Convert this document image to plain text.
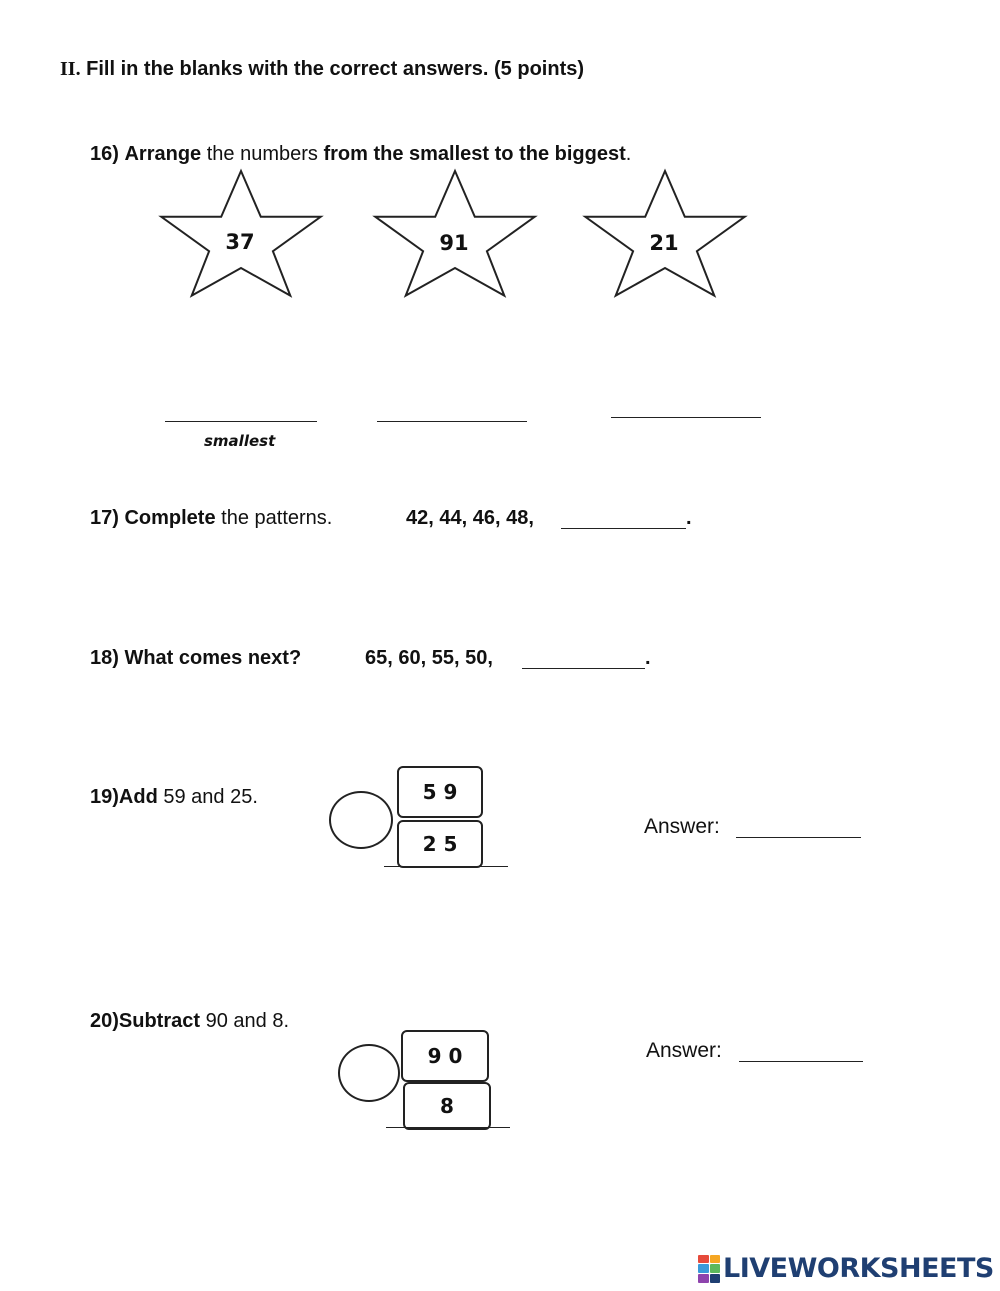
II. Fill in the blanks with the correct answers. (5 points)
16) Arrange the numbers from the smallest to the biggest.
37	91	21
smallest
17) Complete the patterns.	42, 44, 46, 48,	.
18) What comes next?	65, 60, 55, 50,	.
19)Add 59 and 25.	5 9
2 5
Answer:
20)Subtract 90 and 8.
9 0
8
Answer:
LIVEWORKSHEETS
